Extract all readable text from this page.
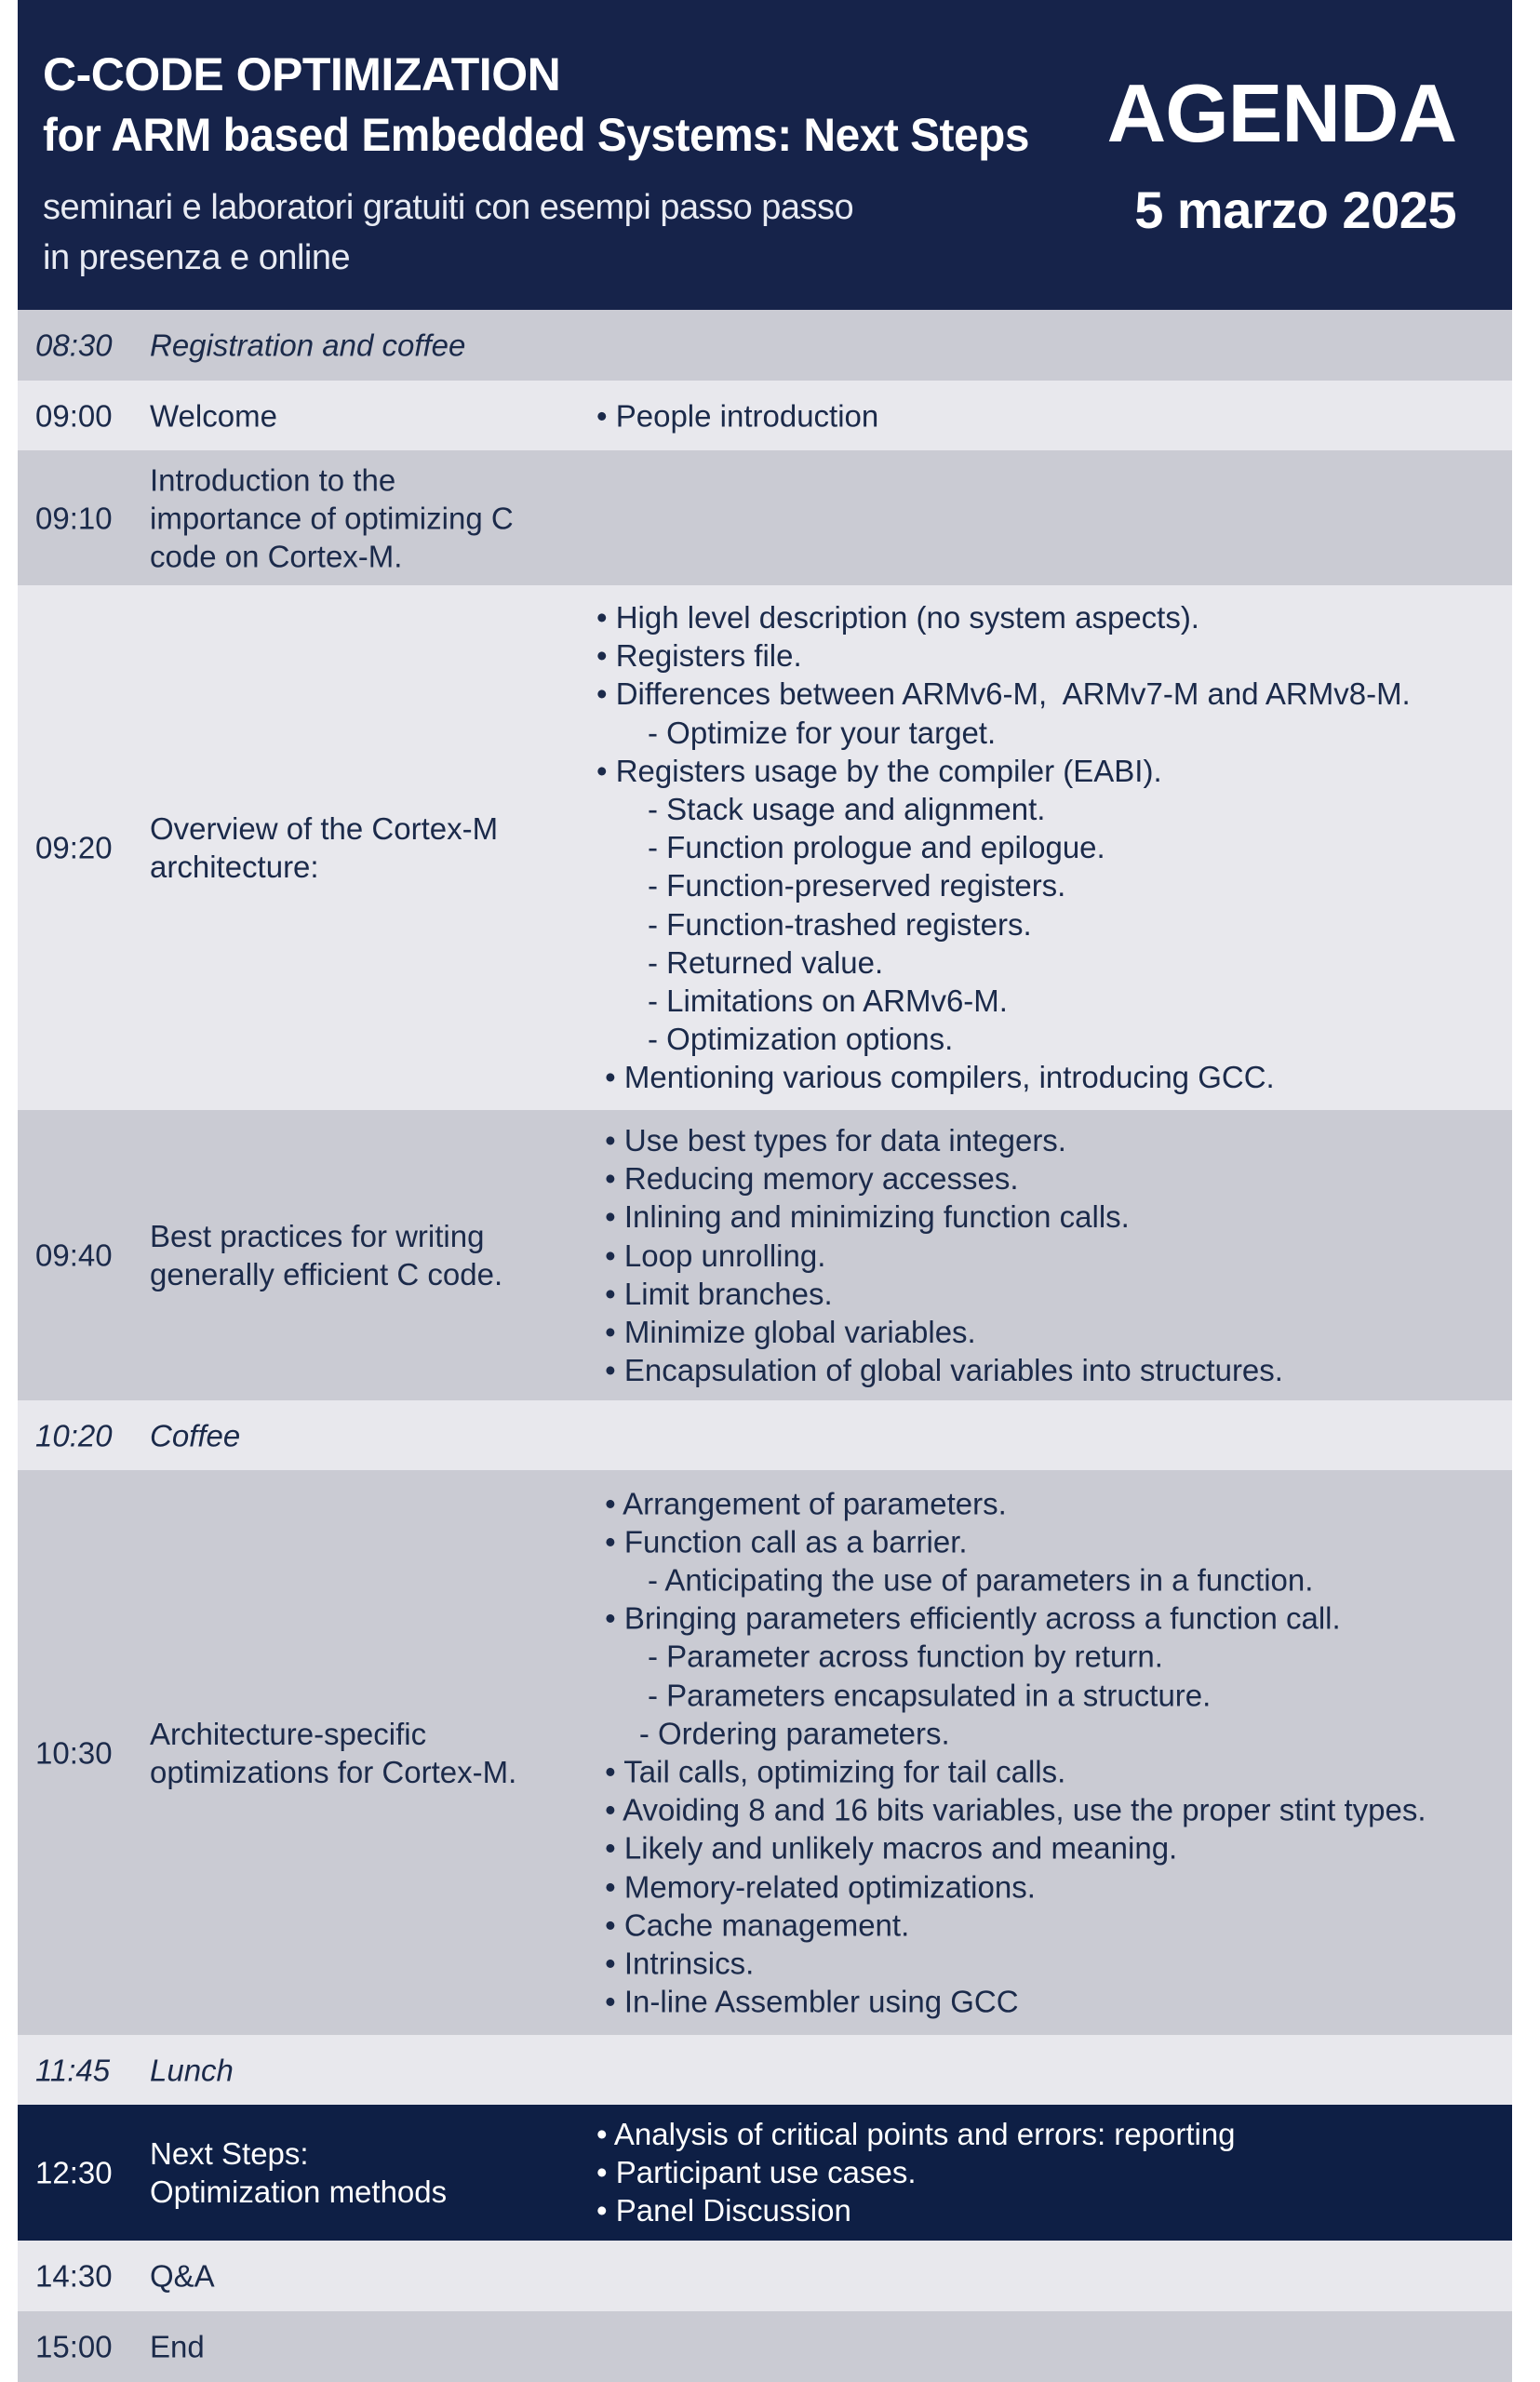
C-CODE OPTIMIZATION
for ARM based Embedded Systems: Next Steps
seminari e laboratori gratuiti con esempi passo passo
in presenza e online
AGENDA
5 marzo 2025
08:30 Registration and coffee
09:00 Welcome	• People introduction
09:10
Introduction to the
importance of optimizing C
code on Cortex-M.
09:20
Overview of the Cortex-M
architecture:
• High level description (no system aspects).
• Registers file.
• Differences between ARMv6-M,  ARMv7-M and ARMv8-M.
- Optimize for your target.
• Registers usage by the compiler (EABI).
- Stack usage and alignment.
- Function prologue and epilogue.
- Function-preserved registers.
- Function-trashed registers.
- Returned value.
- Limitations on ARMv6-M.
- Optimization options.
• Mentioning various compilers, introducing GCC.
09:40
Best practices for writing
generally efficient C code.
• Use best types for data integers.
• Reducing memory accesses.
• Inlining and minimizing function calls.
• Loop unrolling.
• Limit branches.
• Minimize global variables.
• Encapsulation of global variables into structures.
10:20 Coffee
10:30
Architecture-specific
optimizations for Cortex-M.
• Arrangement of parameters.
• Function call as a barrier.
- Anticipating the use of parameters in a function.
• Bringing parameters efficiently across a function call.
- Parameter across function by return.
- Parameters encapsulated in a structure.
- Ordering parameters.
• Tail calls, optimizing for tail calls.
• Avoiding 8 and 16 bits variables, use the proper stint types.
• Likely and unlikely macros and meaning.
• Memory-related optimizations.
• Cache management.
• Intrinsics.
• In-line Assembler using GCC
11:45 Lunch
12:30
Next Steps:
Optimization methods
• Analysis of critical points and errors: reporting
• Participant use cases.
• Panel Discussion
14:30 Q&A
15:00 End
